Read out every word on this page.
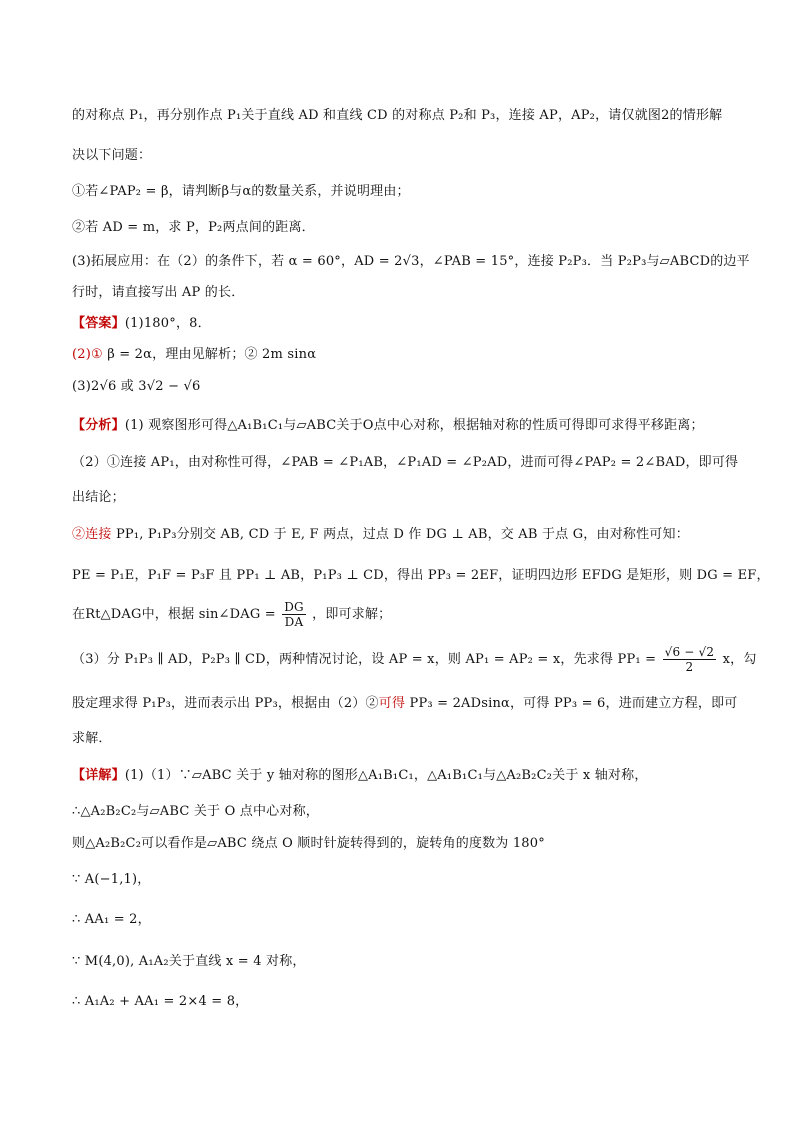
的对称点 P₁，再分别作点 P₁关于直线 AD 和直线 CD 的对称点 P₂和 P₃，连接 AP，AP₂，请仅就图2的情形解
决以下问题：
①若∠PAP₂ = β，请判断β与α的数量关系，并说明理由；
②若 AD = m，求 P，P₂两点间的距离．
(3)拓展应用：在（2）的条件下，若 α = 60°，AD = 2√3，∠PAB = 15°，连接 P₂P₃．当 P₂P₃与▱ABCD的边平
行时，请直接写出 AP 的长．
【答案】(1)180°，8．
(2)① β = 2α，理由见解析；② 2m sinα
(3)2√6 或 3√2 − √6
【分析】(1) 观察图形可得△A₁B₁C₁与▱ABC关于O点中心对称，根据轴对称的性质可得即可求得平移距离；
（2）①连接 AP₁，由对称性可得，∠PAB = ∠P₁AB，∠P₁AD = ∠P₂AD，进而可得∠PAP₂ = 2∠BAD，即可得
出结论；
②连接 PP₁, P₁P₃分别交 AB, CD 于 E, F 两点，过点 D 作 DG ⊥ AB，交 AB 于点 G，由对称性可知：
PE = P₁E，P₁F = P₃F 且 PP₁ ⊥ AB，P₁P₃ ⊥ CD，得出 PP₃ = 2EF，证明四边形 EFDG 是矩形，则 DG = EF，
在Rt△DAG中，根据 sin∠DAG = $\frac{DG}{DA}$ ，即可求解；
（3）分 P₁P₃ ∥ AD，P₂P₃ ∥ CD，两种情况讨论，设 AP = x，则 AP₁ = AP₂ = x，先求得 $PP_1 = \frac{√6 - √2}{2}$ x，勾
股定理求得 P₁P₃，进而表示出 PP₃，根据由（2）②可得 PP₃ = 2ADsinα，可得 PP₃ = 6，进而建立方程，即可
求解．
【详解】(1)（1）∵▱ABC 关于 y 轴对称的图形△A₁B₁C₁，△A₁B₁C₁与△A₂B₂C₂关于 x 轴对称，
∴△A₂B₂C₂与▱ABC 关于 O 点中心对称，
则△A₂B₂C₂可以看作是▱ABC 绕点 O 顺时针旋转得到的，旋转角的度数为 180°
∵ A(−1,1)，
∴ AA₁ = 2，
∵ M(4,0), A₁A₂关于直线 x = 4 对称，
∴ A₁A₂ + AA₁ = 2×4 = 8，
